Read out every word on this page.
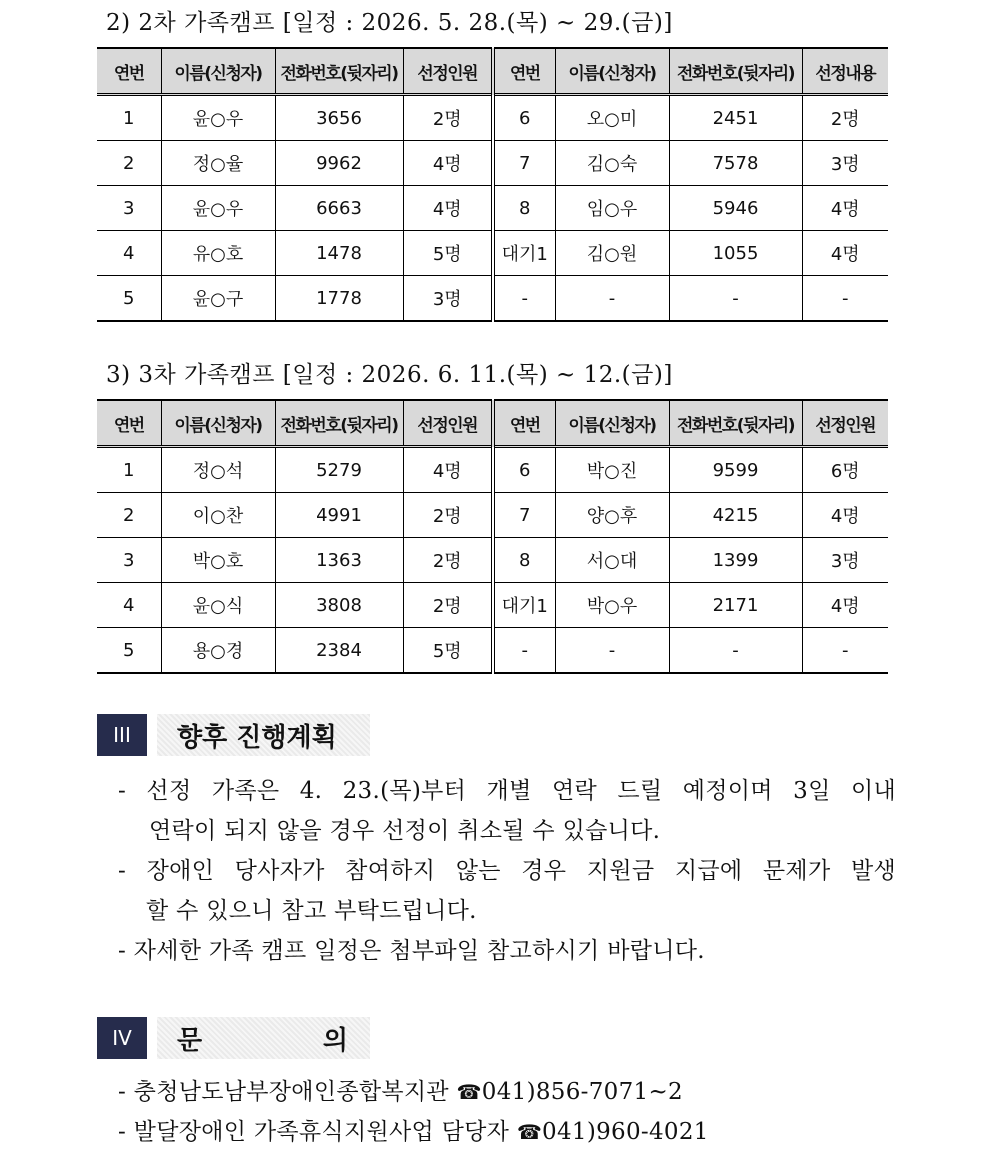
2) 2차 가족캠프 [일정 : 2026. 5. 28.(목) ~ 29.(금)]
연번	이름(신청자)	전화번호(뒷자리)	선정인원	연번	이름(신청자)	전화번호(뒷자리)	선정내용
1	윤○우	3656	2명	6	오○미	2451	2명
2	정○율	9962	4명	7	김○숙	7578	3명
3	윤○우	6663	4명	8	임○우	5946	4명
4	유○호	1478	5명	대기1	김○원	1055	4명
5	윤○구	1778	3명	-	-	-	-
3) 3차 가족캠프 [일정 : 2026. 6. 11.(목) ~ 12.(금)]
연번	이름(신청자)	전화번호(뒷자리)	선정인원	연번	이름(신청자)	전화번호(뒷자리)	선정인원
1	정○석	5279	4명	6	박○진	9599	6명
2	이○찬	4991	2명	7	양○후	4215	4명
3	박○호	1363	2명	8	서○대	1399	3명
4	윤○식	3808	2명	대기1	박○우	2171	4명
5	용○경	2384	5명	-	-	-	-
III	향후 진행계획
- 선정 가족은 4. 23.(목)부터 개별 연락 드릴 예정이며 3일 이내
연락이 되지 않을 경우 선정이 취소될 수 있습니다.
- 장애인 당사자가 참여하지 않는 경우 지원금 지급에 문제가 발생
할 수 있으니 참고 부탁드립니다.
- 자세한 가족 캠프 일정은 첨부파일 참고하시기 바랍니다.
IV	문	의
- 충청남도남부장애인종합복지관 ☎041)856-7071~2
- 발달장애인 가족휴식지원사업 담당자 ☎041)960-4021
